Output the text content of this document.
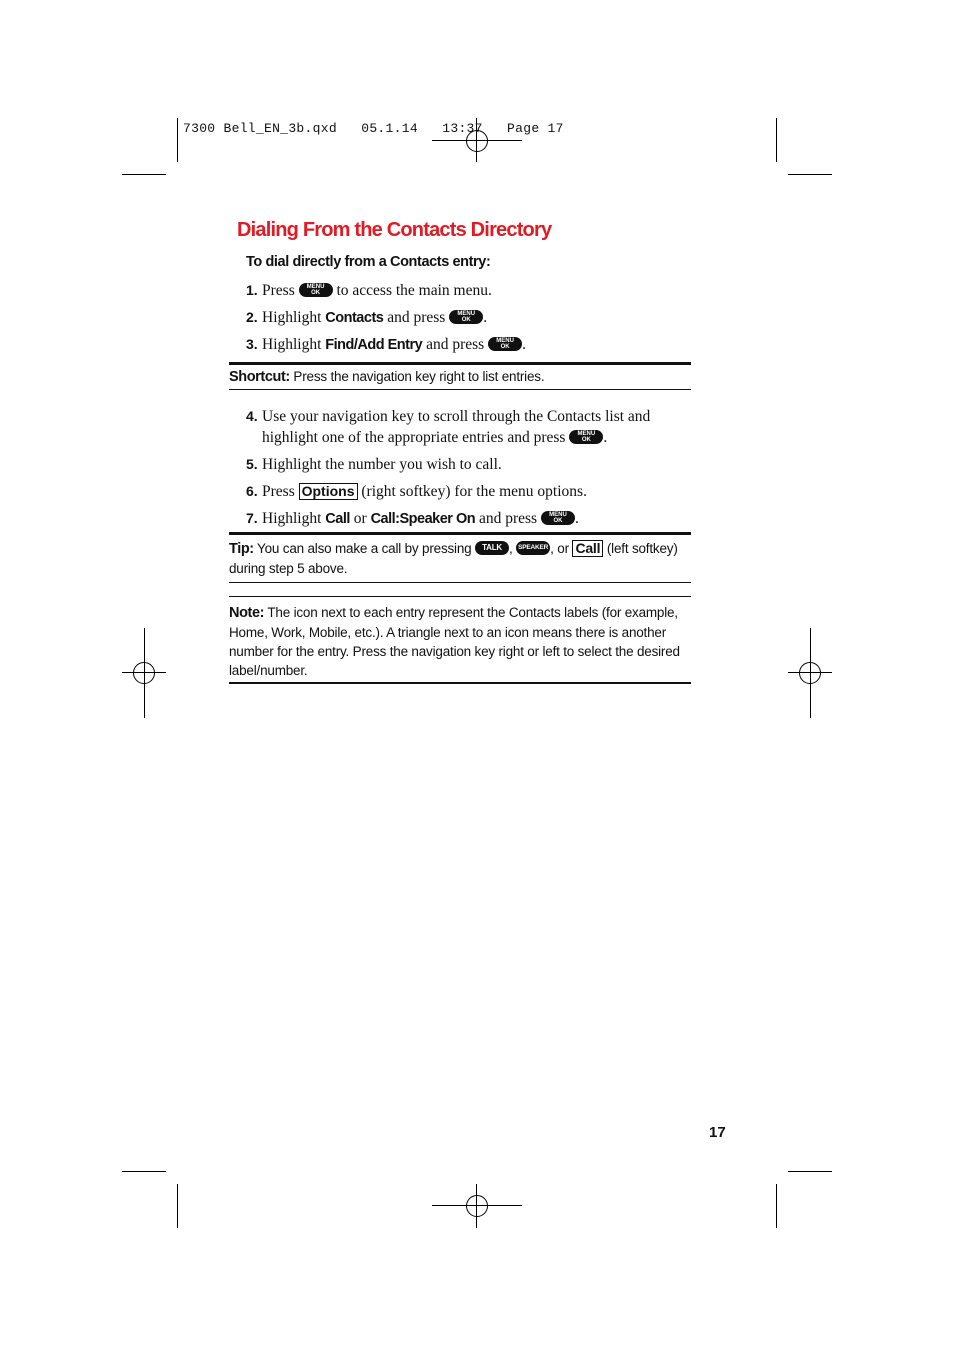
7300 Bell_EN_3b.qxd   05.1.14   13:37   Page 17
Dialing From the Contacts Directory
To dial directly from a Contacts entry:
1. Press	MENU
OK	to access the main menu.
2. Highlight Contacts and press	MENU
OK .
3. Highlight Find/Add Entry and press	MENU
OK .
Shortcut: Press the navigation key right to list entries.
4. Use your navigation key to scroll through the Contacts list and highlight one of the appropriate entries and press	MENU
OK .
5. Highlight the number you wish to call.
6. Press Options (right softkey) for the menu options.
7. Highlight Call or Call:Speaker On and press	MENU
OK .
Tip: You can also make a call by pressing TALK , SPEAKER , or Call (left softkey) during step 5 above.
Note: The icon next to each entry represent the Contacts labels (for example, Home, Work, Mobile, etc.). A triangle next to an icon means there is another number for the entry. Press the navigation key right or left to select the desired label/number.
17
